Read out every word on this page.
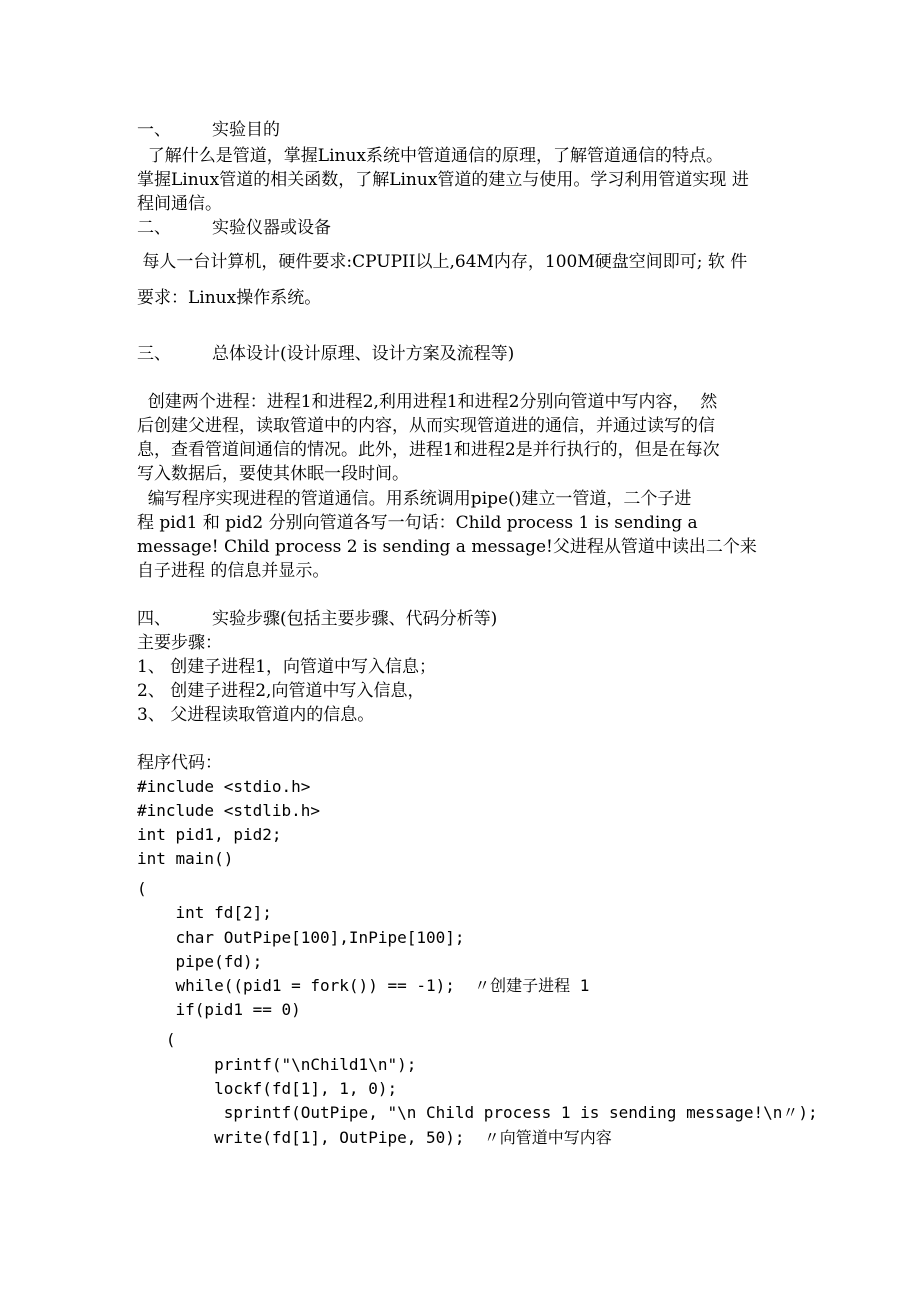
一、 实验目的
了解什么是管道，掌握Linux系统中管道通信的原理，了解管道通信的特点。
掌握Linux管道的相关函数，了解Linux管道的建立与使用。学习利用管道实现 进
程间通信。
二、 实验仪器或设备
每人一台计算机，硬件要求:CPUPII以上,64M内存，100M硬盘空间即可; 软 件
要求：Linux操作系统。
三、 总体设计(设计原理、设计方案及流程等)
创建两个进程：进程1和进程2,利用进程1和进程2分别向管道中写内容，  然
后创建父进程，读取管道中的内容，从而实现管道进的通信，并通过读写的信
息，查看管道间通信的情况。此外，进程1和进程2是并行执行的，但是在每次
写入数据后，要使其休眠一段时间。
编写程序实现进程的管道通信。用系统调用pipe()建立一管道，二个子进
程 pid1 和 pid2 分别向管道各写一句话：Child process 1 is sending a
message! Child process 2 is sending a message!父进程从管道中读出二个来
自子进程 的信息并显示。
四、 实验步骤(包括主要步骤、代码分析等)
主要步骤：
1、 创建子进程1，向管道中写入信息；
2、 创建子进程2,向管道中写入信息，
3、 父进程读取管道内的信息。
程序代码：
#include <stdio.h>
#include <stdlib.h>
int pid1, pid2;
int main()
(
int fd[2];
char OutPipe[100],InPipe[100];
pipe(fd);
while((pid1 = fork()) == -1);  〃创建子进程 1
if(pid1 == 0)
(
printf("\nChild1\n");
lockf(fd[1], 1, 0);
sprintf(OutPipe, "\n Child process 1 is sending message!\n〃);
write(fd[1], OutPipe, 50);  〃向管道中写内容
